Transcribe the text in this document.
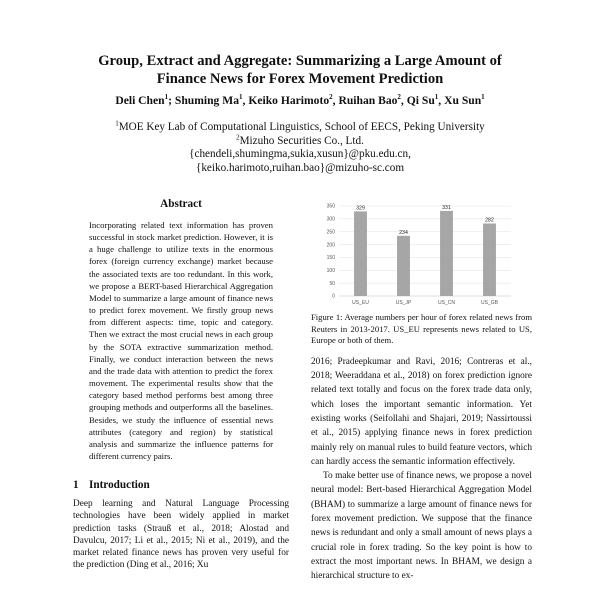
Group, Extract and Aggregate: Summarizing a Large Amount of
Finance News for Forex Movement Prediction
Deli Chen$^1$; Shuming Ma$^1$, Keiko Harimoto$^2$, Ruihan Bao$^2$, Qi Su$^1$, Xu Sun$^1$
$^1$MOE Key Lab of Computational Linguistics, School of EECS, Peking University
$^2$Mizuho Securities Co., Ltd.
{chendeli,shumingma,sukia,xusun}@pku.edu.cn,
{keiko.harimoto,ruihan.bao}@mizuho-sc.com
Abstract

Incorporating related text information has proven successful in stock market prediction. However, it is a huge challenge to utilize texts in the enormous forex (foreign currency exchange) market because the associated texts are too redundant. In this work, we propose a BERT-based Hierarchical Aggregation Model to summarize a large amount of finance news to predict forex movement. We firstly group news from different aspects: time, topic and category. Then we extract the most crucial news in each group by the SOTA extractive summarization method. Finally, we conduct interaction between the news and the trade data with attention to predict the forex movement. The experimental results show that the category based method performs best among three grouping methods and outperforms all the baselines. Besides, we study the influence of essential news attributes (category and region) by statistical analysis and summarize the influence patterns for different currency pairs.

1 Introduction

Deep learning and Natural Language Processing technologies have been widely applied in market prediction tasks (Strauß et al., 2018; Alostad and Davulcu, 2017; Li et al., 2015; Ni et al., 2019), and the market related finance news has proven very useful for the prediction (Ding et al., 2016; Xu

0
50
100
150
200
250
300
350	329
US_EU
234
US_JP
331
US_CN
282
US_GB

Figure 1: Average numbers per hour of forex related news from Reuters in 2013-2017. US_EU represents news related to US, Europe or both of them.

2016; Pradeepkumar and Ravi, 2016; Contreras et al., 2018; Weeraddana et al., 2018) on forex prediction ignore related text totally and focus on the forex trade data only, which loses the important semantic information. Yet existing works (Seifollahi and Shajari, 2019; Nassirtoussi et al., 2015) applying finance news in forex prediction mainly rely on manual rules to build feature vectors, which can hardly access the semantic information effectively.

To make better use of finance news, we propose a novel neural model: Bert-based Hierarchical Aggregation Model (BHAM) to summarize a large amount of finance news for forex movement prediction. We suppose that the finance news is redundant and only a small amount of news plays a crucial role in forex trading. So the key point is how to extract the most important news. In BHAM, we design a hierarchical structure to ex-
